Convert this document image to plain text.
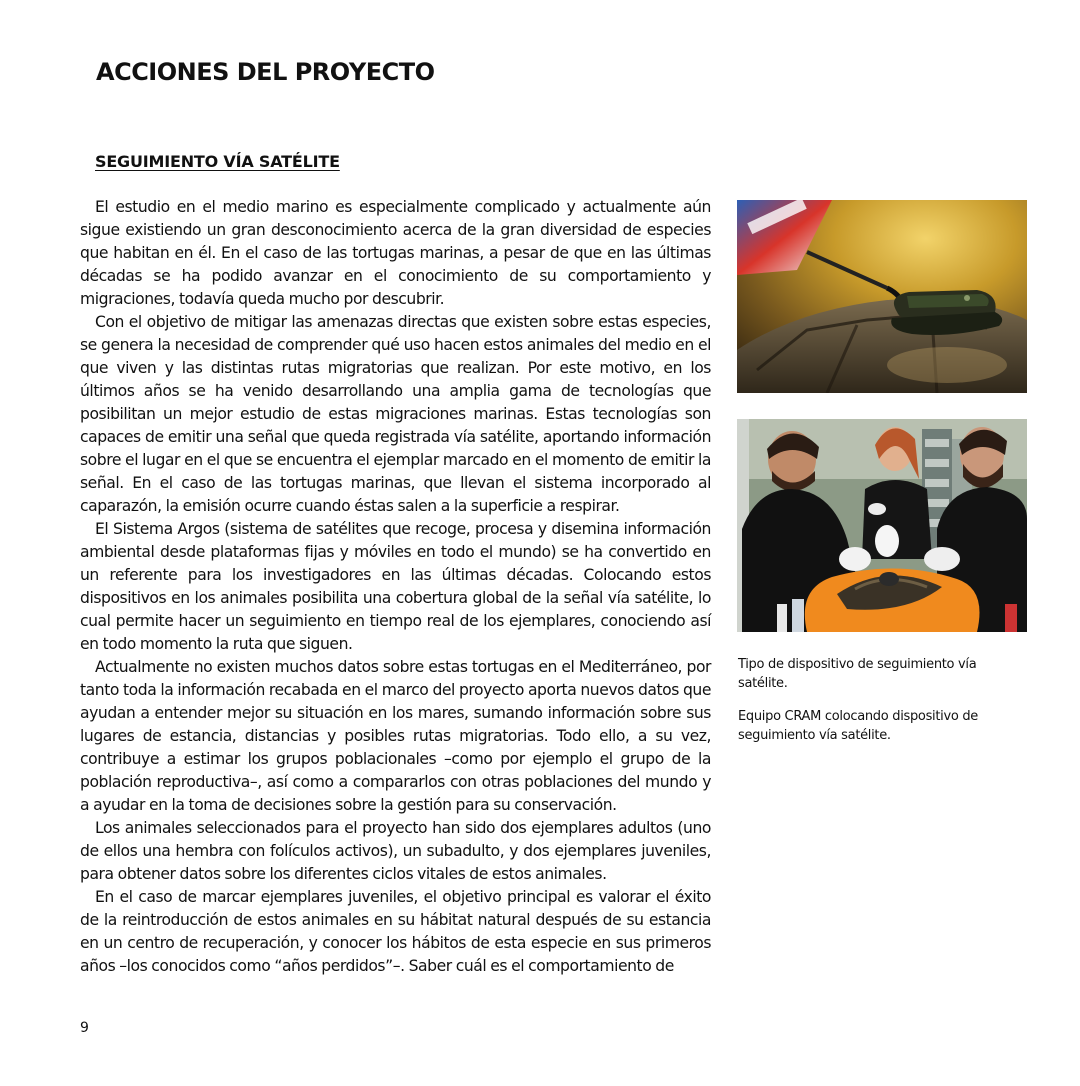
ACCIONES DEL PROYECTO
SEGUIMIENTO VÍA SATÉLITE

El estudio en el medio marino es especialmente complicado y actualmente aún sigue existiendo un gran desconocimiento acerca de la gran diversidad de especies que habitan en él. En el caso de las tortugas marinas, a pesar de que en las últimas décadas se ha podido avanzar en el conocimiento de su comportamiento y migraciones, todavía queda mucho por descubrir.

Con el objetivo de mitigar las amenazas directas que existen sobre estas especies, se genera la necesidad de comprender qué uso hacen estos animales del medio en el que viven y las distintas rutas migratorias que realizan. Por este motivo, en los últimos años se ha venido desarrollando una amplia gama de tecnologías que posibilitan un mejor estudio de estas migraciones marinas. Estas tecnologías son capaces de emitir una señal que queda registrada vía satélite, aportando información sobre el lugar en el que se encuentra el ejemplar marcado en el momento de emitir la señal. En el caso de las tortugas marinas, que llevan el sistema incorporado al caparazón, la emisión ocurre cuando éstas salen a la superficie a respirar.

El Sistema Argos (sistema de satélites que recoge, procesa y disemina información ambiental desde plataformas fijas y móviles en todo el mundo) se ha convertido en un referente para los investigadores en las últimas décadas. Colocando estos dispositivos en los animales posibilita una cobertura global de la señal vía satélite, lo cual permite hacer un seguimiento en tiempo real de los ejemplares, conociendo así en todo momento la ruta que siguen.

Actualmente no existen muchos datos sobre estas tortugas en el Mediterráneo, por tanto toda la información recabada en el marco del proyecto aporta nuevos datos que ayudan a entender mejor su situación en los mares, sumando información sobre sus lugares de estancia, distancias y posibles rutas migratorias. Todo ello, a su vez, contribuye a estimar los grupos poblacionales –como por ejemplo el grupo de la población reproductiva–, así como a compararlos con otras poblaciones del mundo y a ayudar en la toma de decisiones sobre la gestión para su conservación.

Los animales seleccionados para el proyecto han sido dos ejemplares adultos (uno de ellos una hembra con folículos activos), un subadulto, y dos ejemplares juveniles, para obtener datos sobre los diferentes ciclos vitales de estos animales.

En el caso de marcar ejemplares juveniles, el objetivo principal es valorar el éxito de la reintroducción de estos animales en su hábitat natural después de su estancia en un centro de recuperación, y conocer los hábitos de esta especie en sus primeros años –los conocidos como “años perdidos”–. Saber cuál es el comportamiento de

Tipo de dispositivo de seguimiento vía satélite.

Equipo CRAM colocando dispositivo de seguimiento vía satélite.

9
